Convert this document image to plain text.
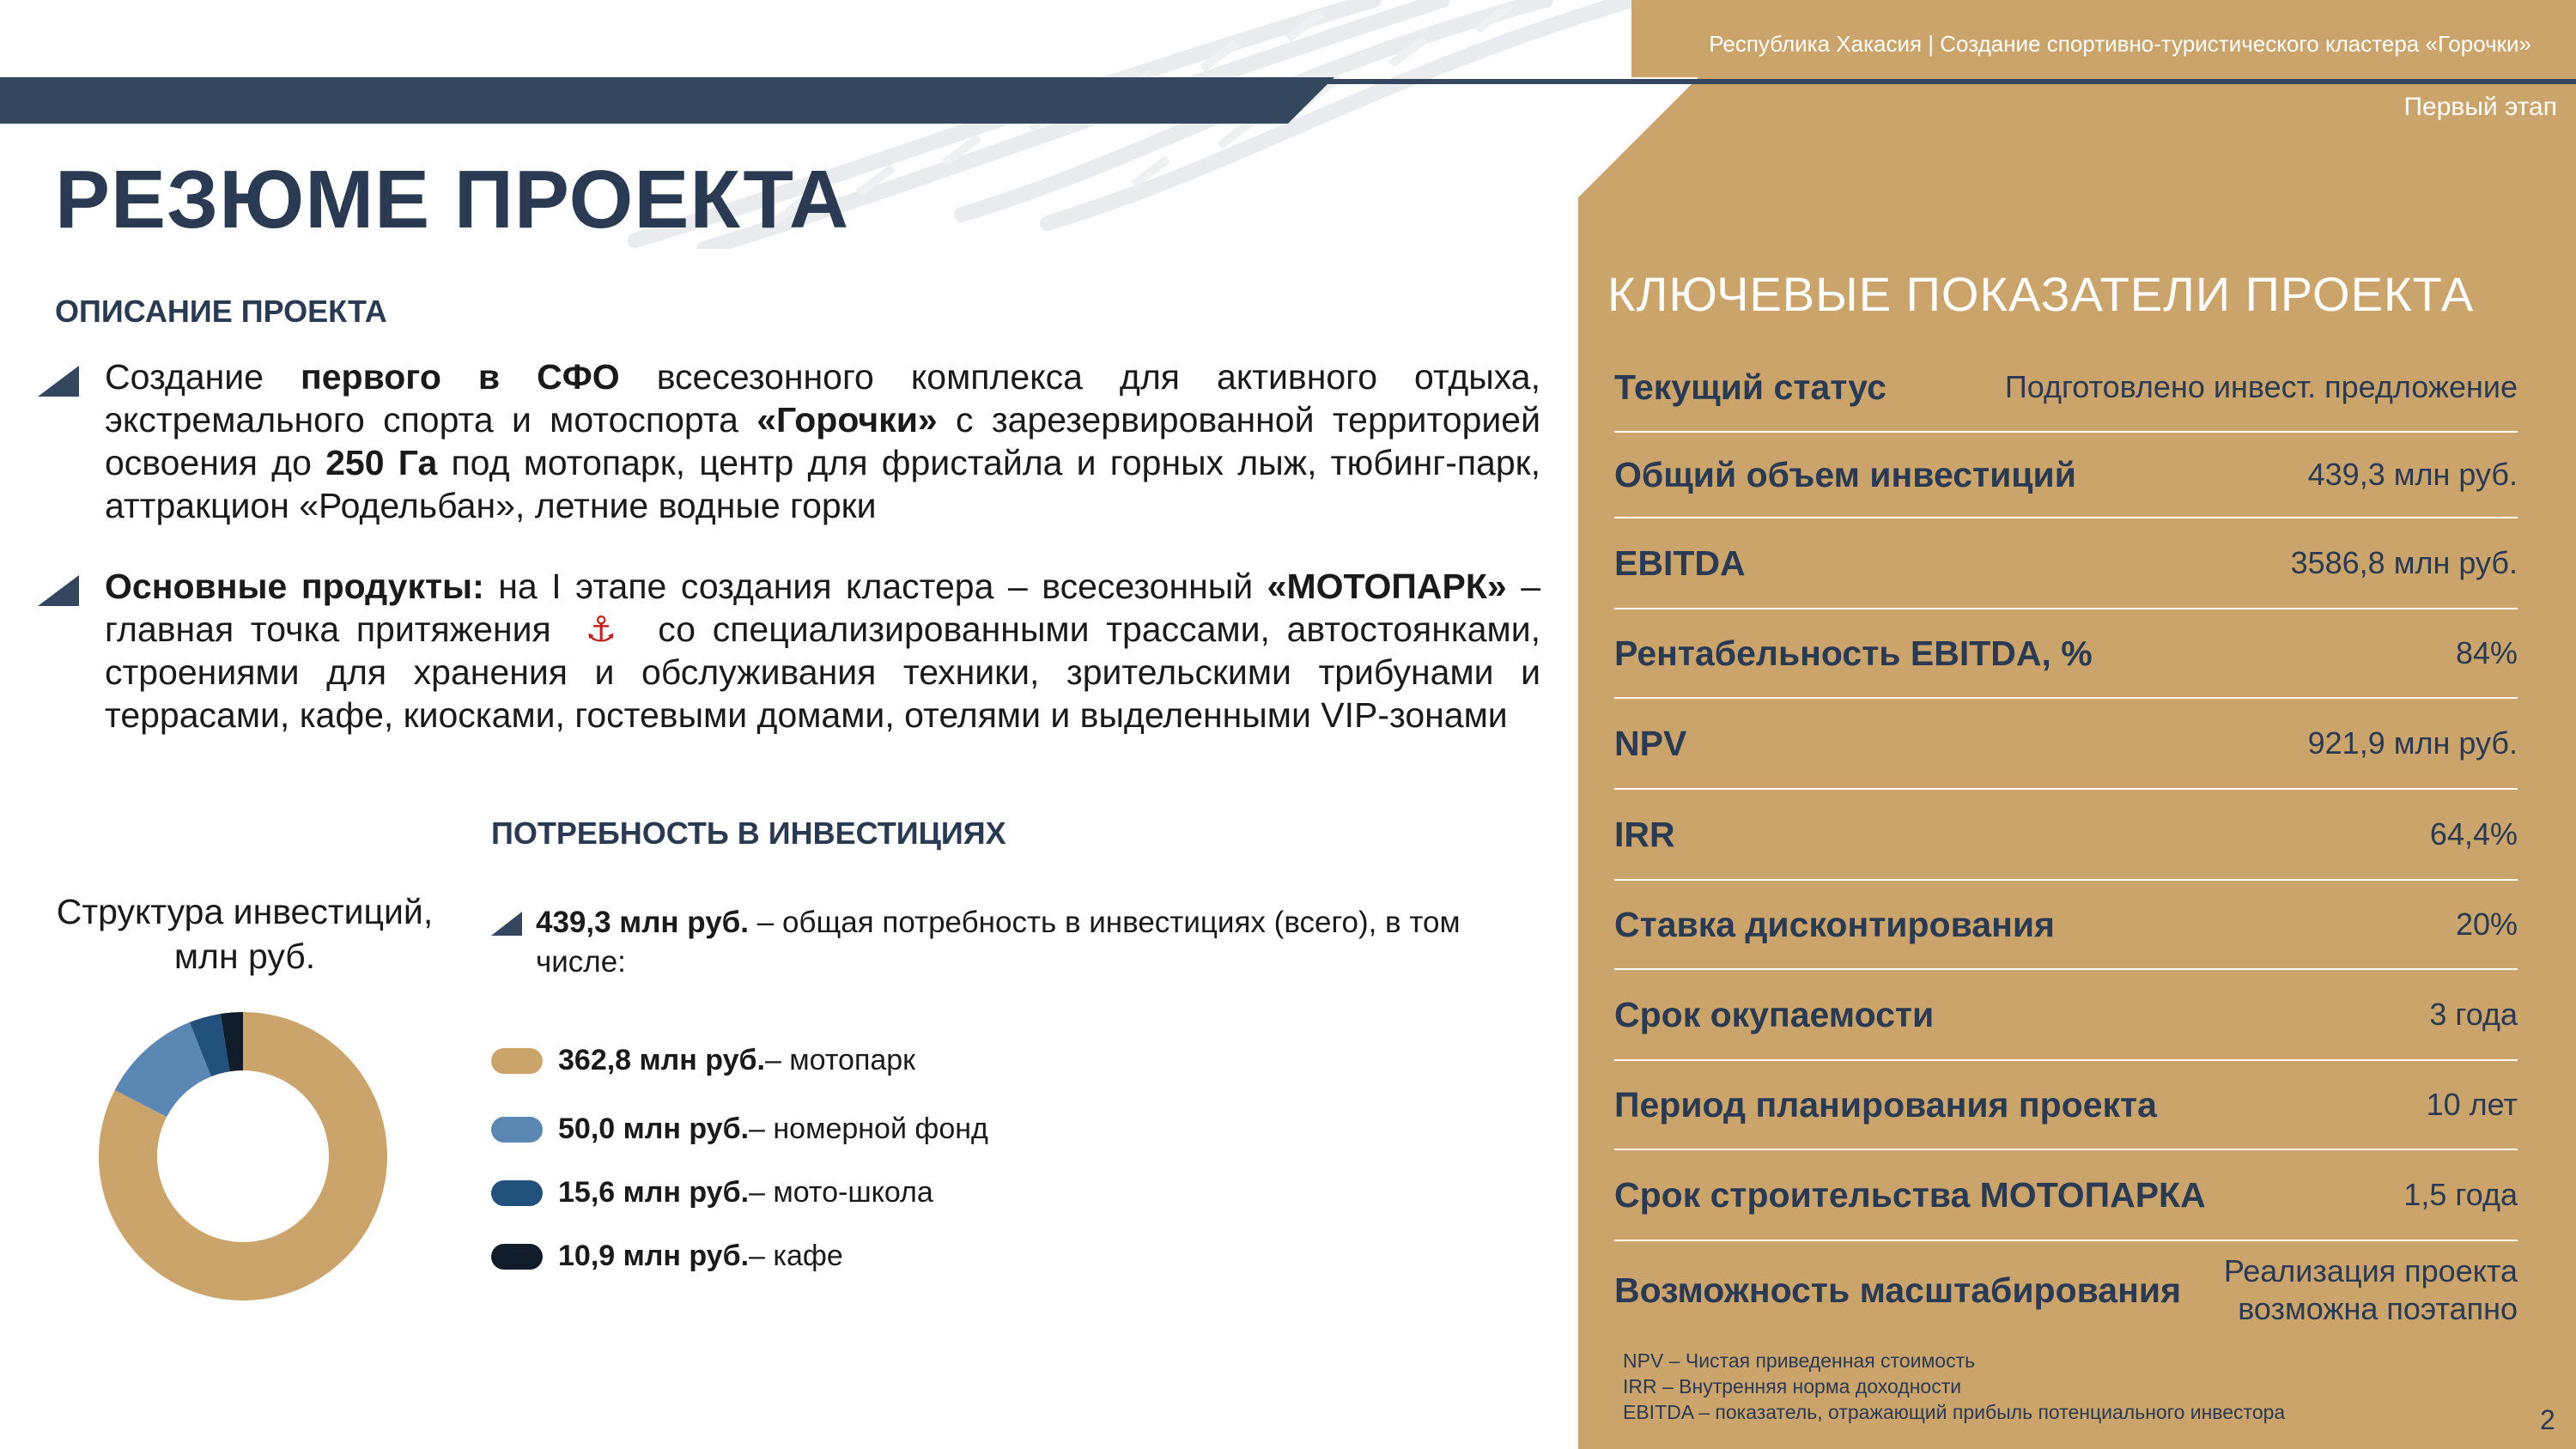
Республика Хакасия | Создание спортивно-туристического кластера «Горочки»
Первый этап
РЕЗЮМЕ ПРОЕКТА
ОПИСАНИЕ ПРОЕКТА

Создание первого в СФО всесезонного комплекса для активного отдыха, экстремального спорта и мотоспорта «Горочки» с зарезервированной территорией освоения до 250 Га под мотопарк, центр для фристайла и горных лыж, тюбинг-парк, аттракцион «Родельбан», летние водные горки

Основные продукты: на I этапе создания кластера – всесезонный «МОТОПАРК» – главная точка притяжения ⚓ со специализированными трассами, автостоянками, строениями для хранения и обслуживания техники, зрительскими трибунами и террасами, кафе, киосками, гостевыми домами, отелями и выделенными VIP-зонами

ПОТРЕБНОСТЬ В ИНВЕСТИЦИЯХ
Структура инвестиций, млн руб.

439,3 млн руб. – общая потребность в инвестициях (всего), в том числе:

362,8 млн руб. – мотопарк
50,0 млн руб. – номерной фонд
15,6 млн руб. – мото-школа
10,9 млн руб. – кафе
КЛЮЧЕВЫЕ ПОКАЗАТЕЛИ ПРОЕКТА
Текущий статус	Подготовлено инвест. предложение
Общий объем инвестиций	439,3 млн руб.
EBITDA	3586,8 млн руб.
Рентабельность EBITDA, %	84%
NPV	921,9 млн руб.
IRR	64,4%
Ставка дисконтирования	20%
Срок окупаемости	3 года
Период планирования проекта	10 лет
Срок строительства МОТОПАРКА	1,5 года
Возможность масштабирования	Реализация проекта возможна поэтапно
NPV – Чистая приведенная стоимость
IRR – Внутренняя норма доходности
EBITDA – показатель, отражающий прибыль потенциального инвестора	2
